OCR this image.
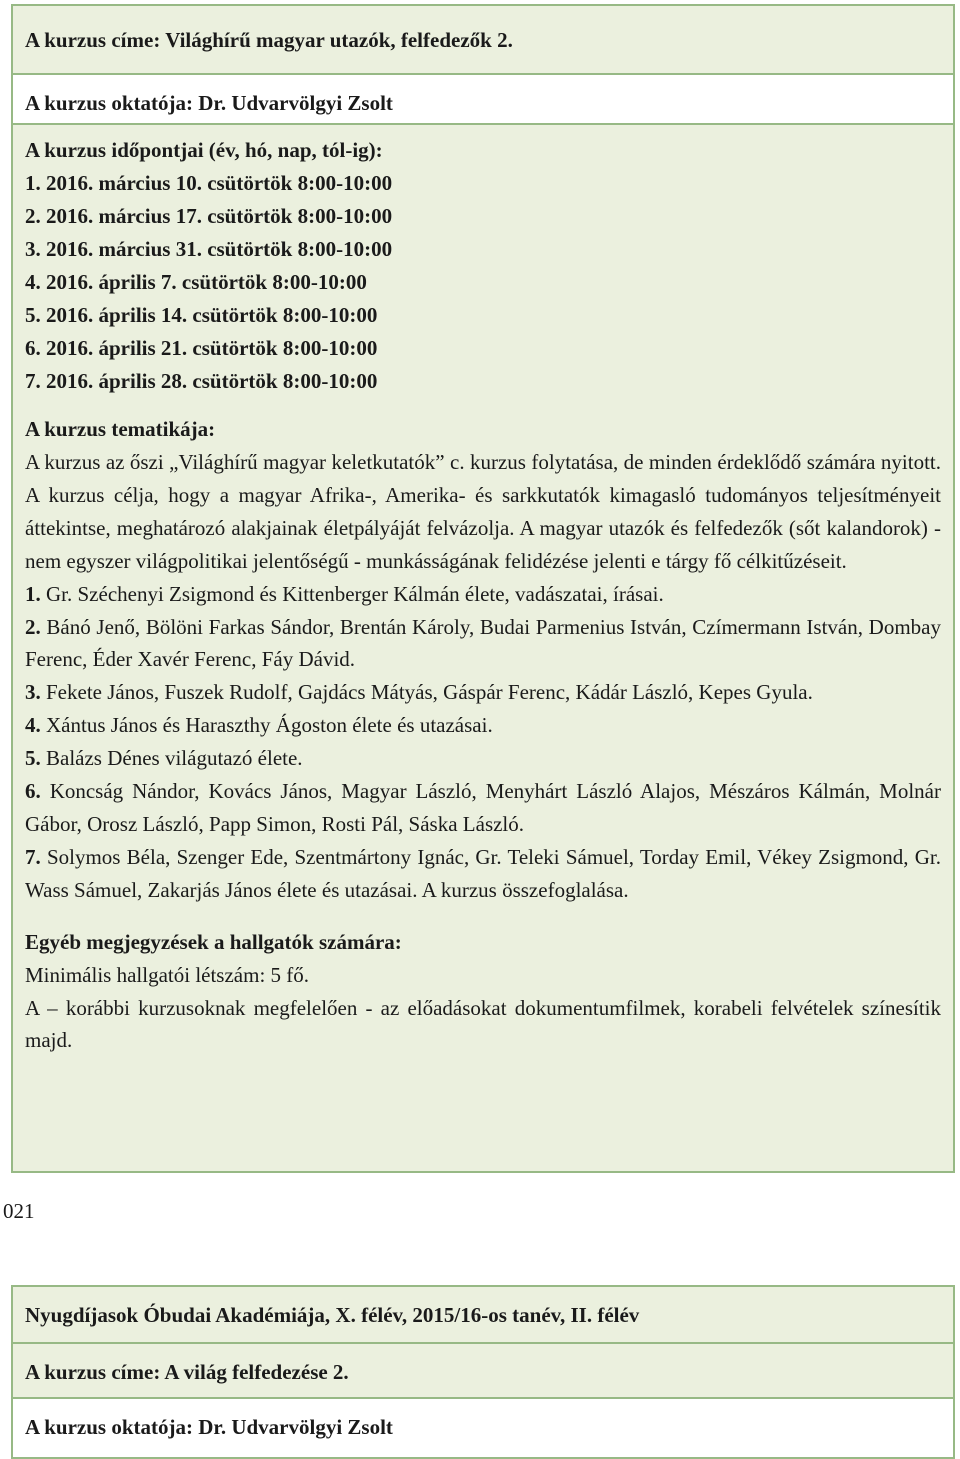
A kurzus címe: Világhírű magyar utazók, felfedezők 2.
A kurzus oktatója: Dr. Udvarvölgyi Zsolt
A kurzus időpontjai (év, hó, nap, tól-ig):
1. 2016. március 10. csütörtök 8:00-10:00
2. 2016. március 17. csütörtök 8:00-10:00
3. 2016. március 31. csütörtök 8:00-10:00
4. 2016. április 7. csütörtök 8:00-10:00
5. 2016. április 14. csütörtök 8:00-10:00
6. 2016. április 21. csütörtök 8:00-10:00
7. 2016. április 28. csütörtök 8:00-10:00
A kurzus tematikája:
A kurzus az őszi „Világhírű magyar keletkutatók” c. kurzus folytatása, de minden érdeklődő számára nyitott. A kurzus célja, hogy a magyar Afrika-, Amerika- és sarkkutatók kimagasló tudományos teljesítményeit áttekintse, meghatározó alakjainak életpályáját felvázolja. A magyar utazók és felfedezők (sőt kalandorok) - nem egyszer világpolitikai jelentőségű - munkásságának felidézése jelenti e tárgy fő célkitűzéseit.
1. Gr. Széchenyi Zsigmond és Kittenberger Kálmán élete, vadászatai, írásai.
2. Bánó Jenő, Bölöni Farkas Sándor, Brentán Károly, Budai Parmenius István, Czímermann István, Dombay Ferenc, Éder Xavér Ferenc, Fáy Dávid.
3. Fekete János, Fuszek Rudolf, Gajdács Mátyás, Gáspár Ferenc, Kádár László, Kepes Gyula.
4. Xántus János és Haraszthy Ágoston élete és utazásai.
5. Balázs Dénes világutazó élete.
6. Koncság Nándor, Kovács János, Magyar László, Menyhárt László Alajos, Mészáros Kálmán, Molnár Gábor, Orosz László, Papp Simon, Rosti Pál, Sáska László.
7. Solymos Béla, Szenger Ede, Szentmártony Ignác, Gr. Teleki Sámuel, Torday Emil, Vékey Zsigmond, Gr. Wass Sámuel, Zakarjás János élete és utazásai. A kurzus összefoglalása.
Egyéb megjegyzések a hallgatók számára:
Minimális hallgatói létszám: 5 fő.
A – korábbi kurzusoknak megfelelően - az előadásokat dokumentumfilmek, korabeli felvételek színesítik majd.
021
Nyugdíjasok Óbudai Akadémiája, X. félév, 2015/16-os tanév, II. félév
A kurzus címe: A világ felfedezése 2.
A kurzus oktatója: Dr. Udvarvölgyi Zsolt
